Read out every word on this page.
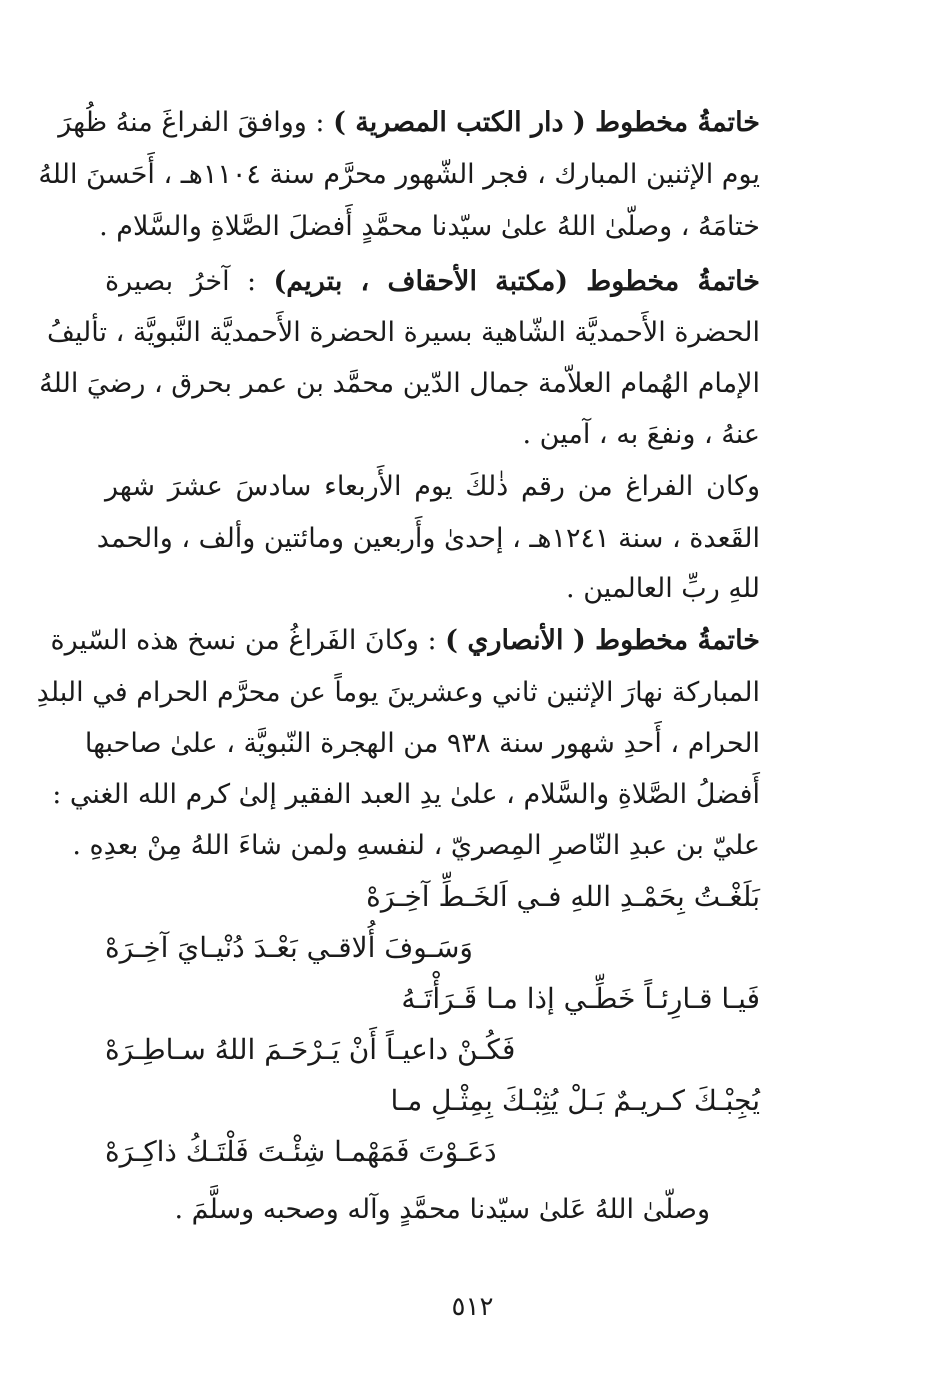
خاتمةُ مخطوط ( دار الكتب المصرية ) : ووافقَ الفراغَ منهُ ظُهرَ
يوم الإثنين المبارك ، فجر الشّهور محرَّم سنة ١١٠٤هـ ، أَحَسنَ اللهُ
ختامَهُ ، وصلّىٰ اللهُ علىٰ سيّدنا محمَّدٍ أَفضلَ الصَّلاةِ والسَّلام .
خاتمةُ مخطوط (مكتبة الأحقاف ، بتريم) : آخرُ بصيرة
الحضرة الأَحمديَّة الشّاهية بسيرة الحضرة الأَحمديَّة النَّبويَّة ، تأليفُ
الإمام الهُمام العلاّمة جمال الدّين محمَّد بن عمر بحرق ، رضيَ اللهُ
عنهُ ، ونفعَ به ، آمين .
وكان الفراغ من رقم ذٰلكَ يوم الأَربعاء سادسَ عشرَ شهر
القَعدة ، سنة ١٢٤١هـ ، إحدىٰ وأَربعين ومائتين وألف ، والحمد
للهِ ربِّ العالمين .
خاتمةُ مخطوط ( الأنصاري ) : وكانَ الفَراغُ من نسخ هذه السّيرة
المباركة نهارَ الإثنين ثاني وعشرينَ يوماً عن محرَّم الحرام في البلدِ
الحرام ، أَحدِ شهور سنة ٩٣٨ من الهجرة النّبويَّة ، علىٰ صاحبها
أَفضلُ الصَّلاةِ والسَّلام ، علىٰ يدِ العبد الفقير إلىٰ كرم الله الغني :
عليّ بن عبدِ النّاصرِ المِصريّ ، لنفسهِ ولمن شاءَ اللهُ مِنْ بعدِهِ .
بَلَغْـتُ بِحَمْـدِ اللهِ فـي اَلخَـطِّ آخِـرَهْ
وَسَـوفَ أُلاقـي بَعْـدَ دُنْيـايَ آخِـرَهْ
فَيـا قـارِئـاً خَطِّـي إذا مـا قَـرَأْتَـهُ
فَكُـنْ داعيـاً أَنْ يَـرْحَـمَ اللهُ سـاطِـرَهْ
يُجِبْـكَ كـريـمٌ بَـلْ يُثِبْـكَ بِمِثْـلِ مـا
دَعَـوْتَ فَمَهْمـا شِئْـتَ فَلْتَـكُ ذاكِـرَهْ
وصلّىٰ اللهُ عَلىٰ سيّدنا محمَّدٍ وآله وصحبه وسلَّمَ .
٥١٢
